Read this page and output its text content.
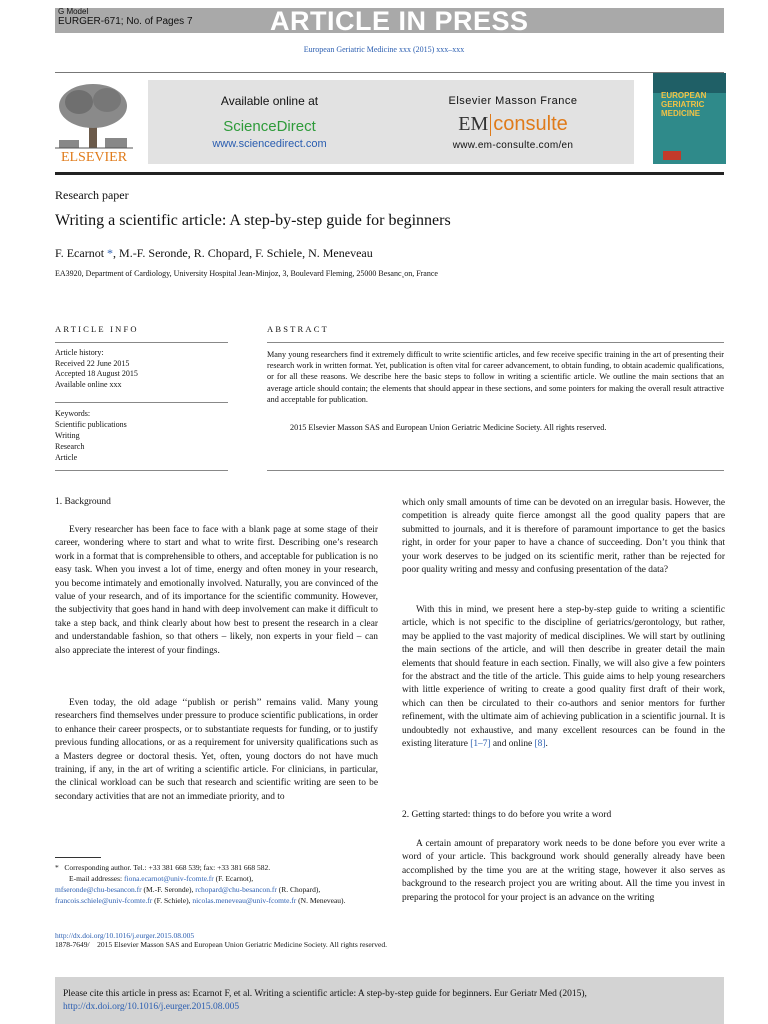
G Model
EURGER-671; No. of Pages 7	ARTICLE IN PRESS
European Geriatric Medicine xxx (2015) xxx–xxx
ELSEVIER
Available online at
ScienceDirect
www.sciencedirect.com
Elsevier Masson France
EM consulte
www.em-consulte.com/en
EUROPEAN GERIATRIC MEDICINE
Research paper
Writing a scientific article: A step-by-step guide for beginners
F. Ecarnot *, M.-F. Seronde, R. Chopard, F. Schiele, N. Meneveau
EA3920, Department of Cardiology, University Hospital Jean-Minjoz, 3, Boulevard Fleming, 25000 Besanc¸on, France
ARTICLE INFO	ABSTRACT
Article history:
Received 22 June 2015
Accepted 18 August 2015
Available online xxx
Keywords:
Scientific publications
Writing
Research
Article
Many young researchers find it extremely difficult to write scientific articles, and few receive specific training in the art of presenting their research work in written format. Yet, publication is often vital for career advancement, to obtain funding, to obtain academic qualifications, or for all these reasons. We describe here the basic steps to follow in writing a scientific article. We outline the main sections that an average article should contain; the elements that should appear in these sections, and some pointers for making the overall result attractive and acceptable for publication.
2015 Elsevier Masson SAS and European Union Geriatric Medicine Society. All rights reserved.
1. Background
Every researcher has been face to face with a blank page at some stage of their career, wondering where to start and what to write first. Describing one’s research work in a format that is comprehensible to others, and acceptable for publication is no easy task. When you invest a lot of time, energy and often money in your research, you become intimately and emotionally involved. Naturally, you are convinced of the value of your research, and of its importance for the scientific community. However, the subjectivity that goes hand in hand with deep involvement can make it difficult to take a step back, and think clearly about how best to present the research in a clear and understandable fashion, so that others – likely, non experts in your field – can also appreciate the interest of your findings.
Even today, the old adage ‘‘publish or perish’’ remains valid. Many young researchers find themselves under pressure to produce scientific publications, in order to enhance their career prospects, or to substantiate requests for funding, or to justify previous funding allocations, or as a requirement for university qualifications such as a Masters degree or doctoral thesis. Yet, often, young doctors do not have much training, if any, in the art of writing a scientific article. For clinicians, in particular, the clinical workload can be such that research and scientific writing are seen to be secondary activities that are not an immediate priority, and to
which only small amounts of time can be devoted on an irregular basis. However, the competition is already quite fierce amongst all the good quality papers that are submitted to journals, and it is therefore of paramount importance to get the basics right, in order for your paper to have a chance of succeeding. Don’t you think that your work deserves to be judged on its scientific merit, rather than be rejected for poor quality writing and messy and confusing presentation of the data?
With this in mind, we present here a step-by-step guide to writing a scientific article, which is not specific to the discipline of geriatrics/gerontology, but rather, may be applied to the vast majority of medical disciplines. We will start by outlining the main sections of the article, and will then describe in greater detail the main elements that should feature in each section. Finally, we will also give a few pointers for the abstract and the title of the article. This guide aims to help young researchers with little experience of writing to create a good quality first draft of their work, which can then be circulated to their co-authors and senior mentors for further refinement, with the ultimate aim of achieving publication in a scientific journal. It is undoubtedly not exhaustive, and many excellent resources can be found in the existing literature [1–7] and online [8].
2. Getting started: things to do before you write a word
A certain amount of preparatory work needs to be done before you ever write a word of your article. This background work should generally already have been accomplished by the time you are at the writing stage, however it also serves as background to the research project you are writing about. All the time you invest in preparing the protocol for your project is an advance on the writing
* Corresponding author. Tel.: +33 381 668 539; fax: +33 381 668 582.
E-mail addresses: fiona.ecarnot@univ-fcomte.fr (F. Ecarnot),
mfseronde@chu-besancon.fr (M.-F. Seronde), rchopard@chu-besancon.fr (R. Chopard), francois.schiele@univ-fcomte.fr (F. Schiele), nicolas.meneveau@univ-fcomte.fr (N. Meneveau).
http://dx.doi.org/10.1016/j.eurger.2015.08.005
1878-7649/ 2015 Elsevier Masson SAS and European Union Geriatric Medicine Society. All rights reserved.
Please cite this article in press as: Ecarnot F, et al. Writing a scientific article: A step-by-step guide for beginners. Eur Geriatr Med (2015),
http://dx.doi.org/10.1016/j.eurger.2015.08.005
